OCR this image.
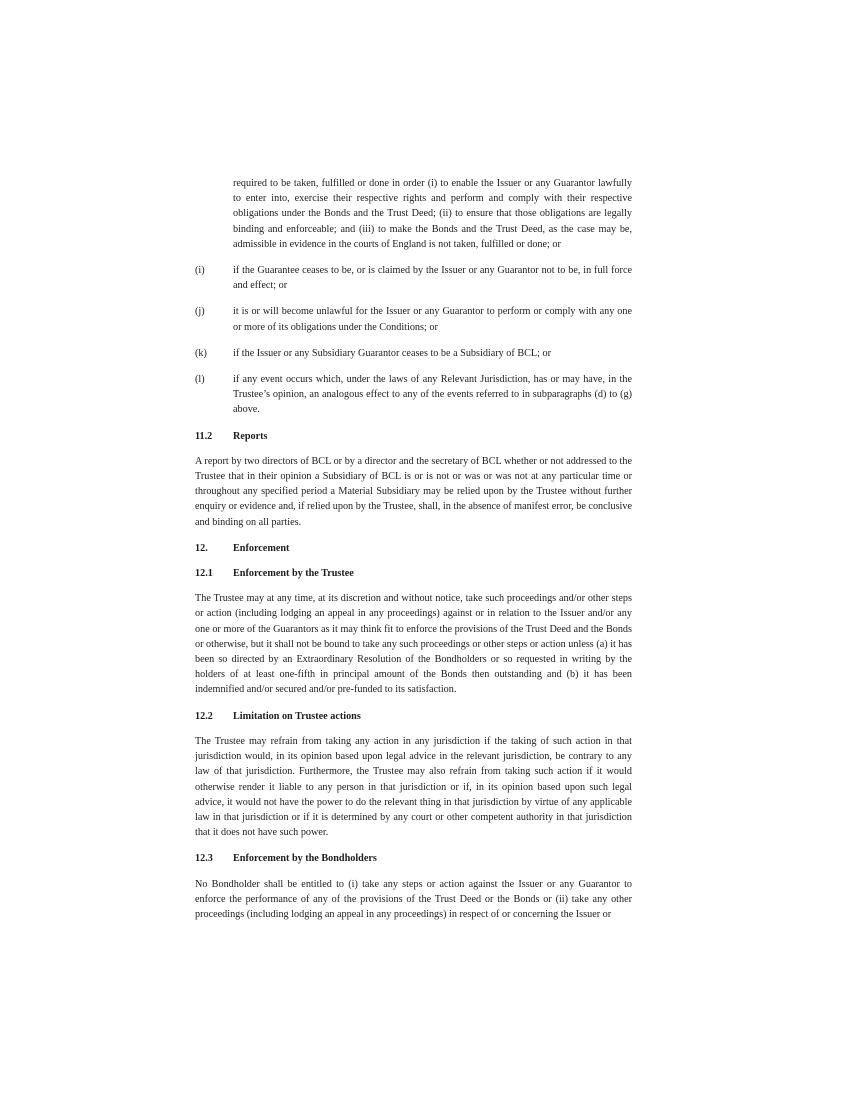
required to be taken, fulfilled or done in order (i) to enable the Issuer or any Guarantor lawfully to enter into, exercise their respective rights and perform and comply with their respective obligations under the Bonds and the Trust Deed; (ii) to ensure that those obligations are legally binding and enforceable; and (iii) to make the Bonds and the Trust Deed, as the case may be, admissible in evidence in the courts of England is not taken, fulfilled or done; or

(i)	if the Guarantee ceases to be, or is claimed by the Issuer or any Guarantor not to be, in full force and effect; or
(j)	it is or will become unlawful for the Issuer or any Guarantor to perform or comply with any one or more of its obligations under the Conditions; or
(k)	if the Issuer or any Subsidiary Guarantor ceases to be a Subsidiary of BCL; or
(l)	if any event occurs which, under the laws of any Relevant Jurisdiction, has or may have, in the Trustee’s opinion, an analogous effect to any of the events referred to in subparagraphs (d) to (g) above.
11.2	Reports

A report by two directors of BCL or by a director and the secretary of BCL whether or not addressed to the Trustee that in their opinion a Subsidiary of BCL is or is not or was or was not at any particular time or throughout any specified period a Material Subsidiary may be relied upon by the Trustee without further enquiry or evidence and, if relied upon by the Trustee, shall, in the absence of manifest error, be conclusive and binding on all parties.

12.	Enforcement
12.1	Enforcement by the Trustee

The Trustee may at any time, at its discretion and without notice, take such proceedings and/or other steps or action (including lodging an appeal in any proceedings) against or in relation to the Issuer and/or any one or more of the Guarantors as it may think fit to enforce the provisions of the Trust Deed and the Bonds or otherwise, but it shall not be bound to take any such proceedings or other steps or action unless (a) it has been so directed by an Extraordinary Resolution of the Bondholders or so requested in writing by the holders of at least one-fifth in principal amount of the Bonds then outstanding and (b) it has been indemnified and/or secured and/or pre-funded to its satisfaction.

12.2	Limitation on Trustee actions

The Trustee may refrain from taking any action in any jurisdiction if the taking of such action in that jurisdiction would, in its opinion based upon legal advice in the relevant jurisdiction, be contrary to any law of that jurisdiction. Furthermore, the Trustee may also refrain from taking such action if it would otherwise render it liable to any person in that jurisdiction or if, in its opinion based upon such legal advice, it would not have the power to do the relevant thing in that jurisdiction by virtue of any applicable law in that jurisdiction or if it is determined by any court or other competent authority in that jurisdiction that it does not have such power.

12.3	Enforcement by the Bondholders

No Bondholder shall be entitled to (i) take any steps or action against the Issuer or any Guarantor to enforce the performance of any of the provisions of the Trust Deed or the Bonds or (ii) take any other proceedings (including lodging an appeal in any proceedings) in respect of or concerning the Issuer or
